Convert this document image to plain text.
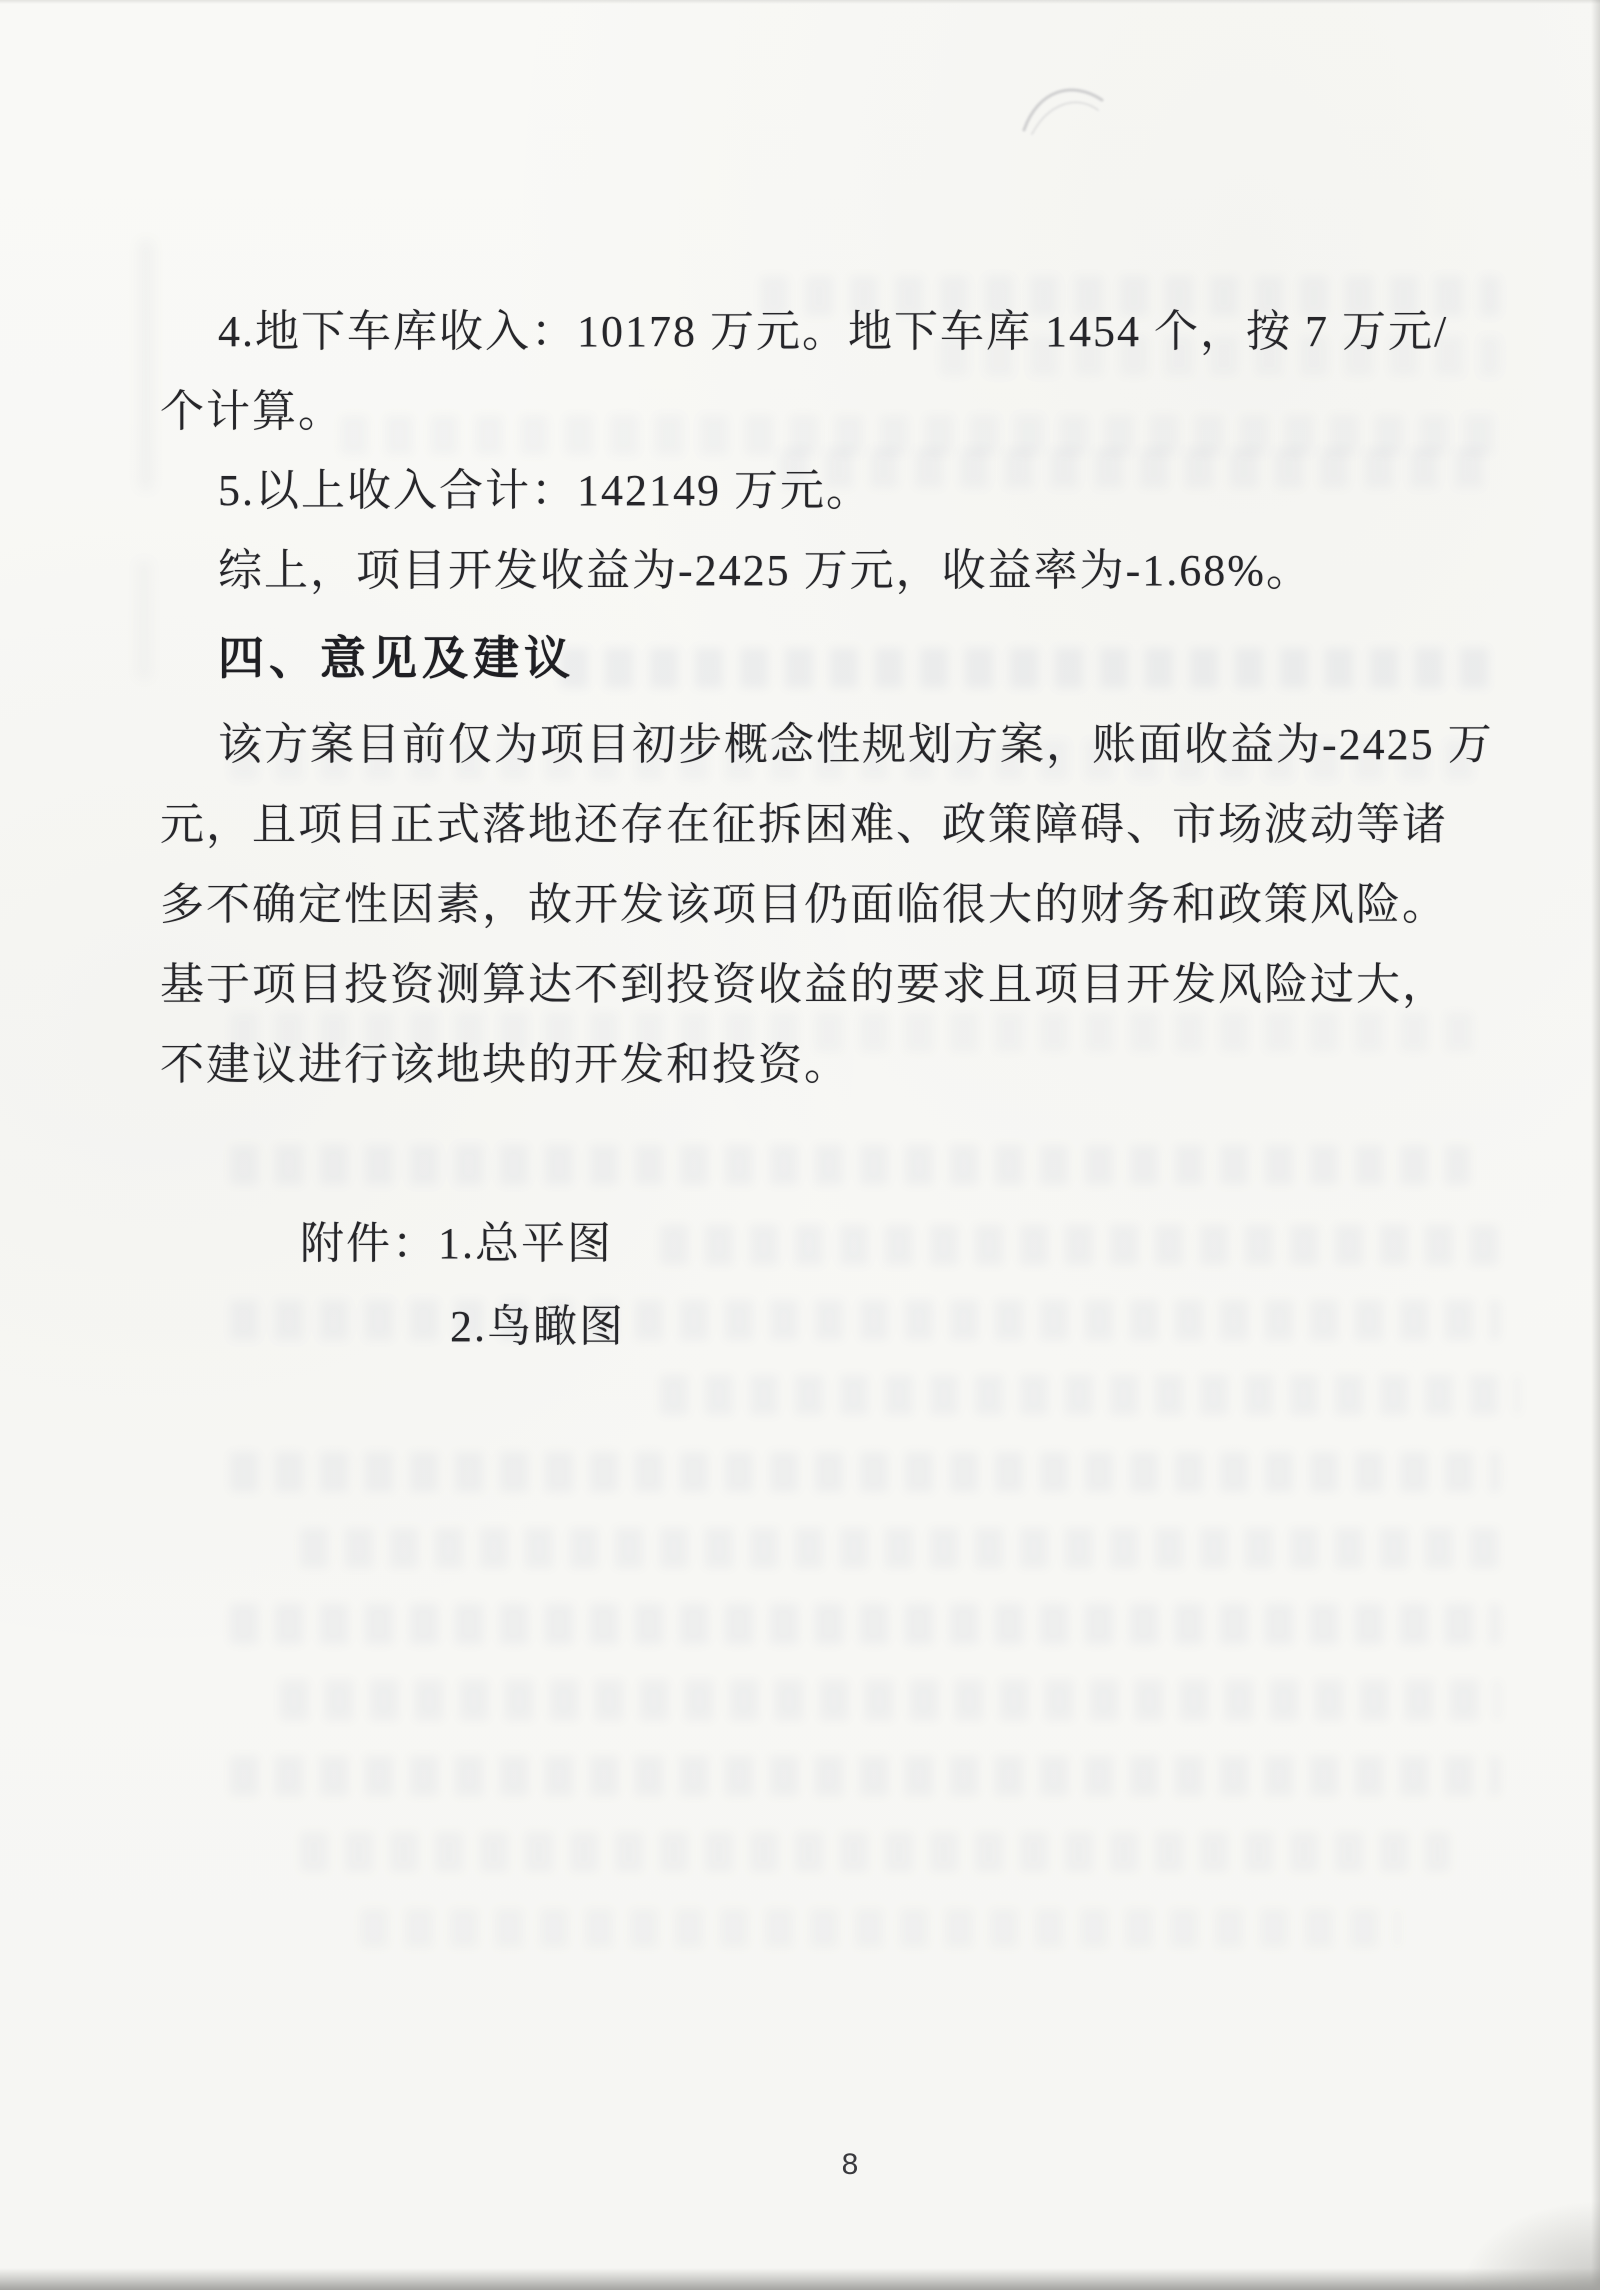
4.地下车库收入：10178 万元。地下车库 1454 个，按 7 万元/
个计算。
5.以上收入合计：142149 万元。
综上，项目开发收益为-2425 万元，收益率为-1.68%。
四、意见及建议
该方案目前仅为项目初步概念性规划方案，账面收益为-2425 万
元，且项目正式落地还存在征拆困难、政策障碍、市场波动等诸
多不确定性因素，故开发该项目仍面临很大的财务和政策风险。
基于项目投资测算达不到投资收益的要求且项目开发风险过大，
不建议进行该地块的开发和投资。
附件：1.总平图
2.鸟瞰图
8
